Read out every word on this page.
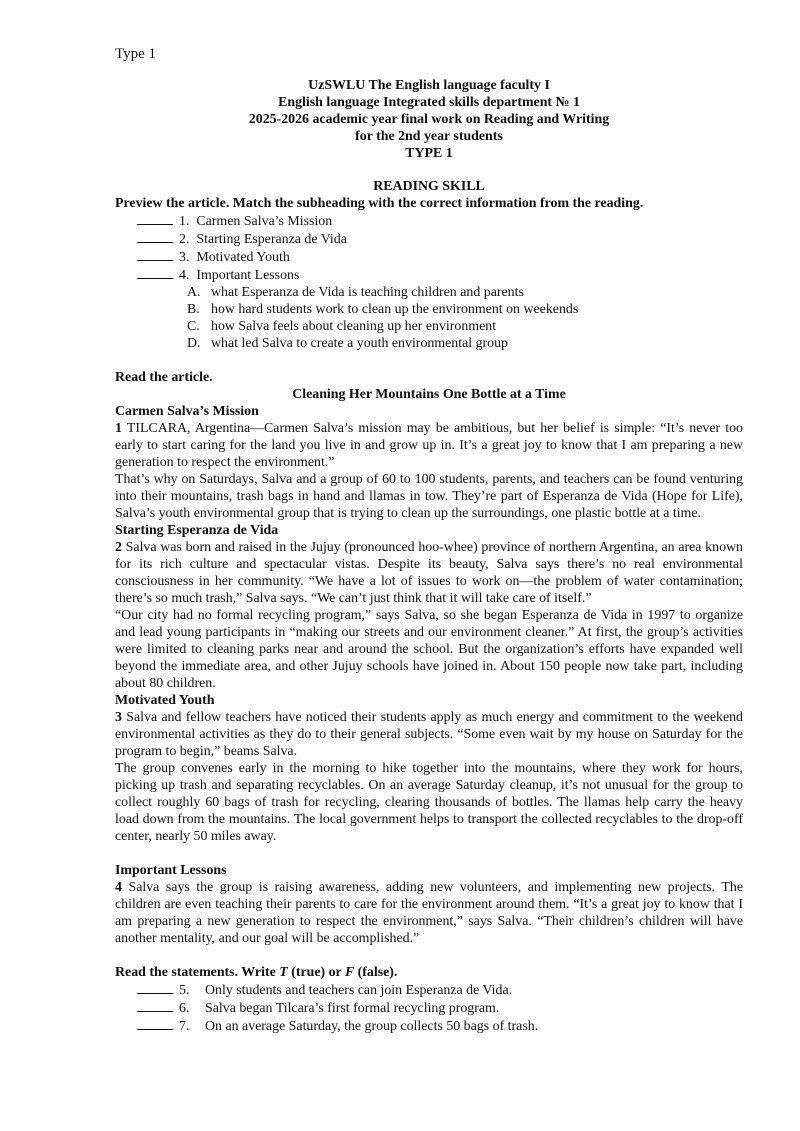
Type 1
UzSWLU The English language faculty I
English language Integrated skills department № 1
2025-2026 academic year final work on Reading and Writing
for the 2nd year students
TYPE 1
READING SKILL
Preview the article. Match the subheading with the correct information from the reading.
1. Carmen Salva’s Mission
2. Starting Esperanza de Vida
3. Motivated Youth
4. Important Lessons
A. what Esperanza de Vida is teaching children and parents
B. how hard students work to clean up the environment on weekends
C. how Salva feels about cleaning up her environment
D. what led Salva to create a youth environmental group
Read the article.
Cleaning Her Mountains One Bottle at a Time
Carmen Salva’s Mission

1 TILCARA, Argentina—Carmen Salva’s mission may be ambitious, but her belief is simple: “It’s never too early to start caring for the land you live in and grow up in. It’s a great joy to know that I am preparing a new generation to respect the environment.”

That’s why on Saturdays, Salva and a group of 60 to 100 students, parents, and teachers can be found venturing into their mountains, trash bags in hand and llamas in tow. They’re part of Esperanza de Vida (Hope for Life), Salva’s youth environmental group that is trying to clean up the surroundings, one plastic bottle at a time.

Starting Esperanza de Vida

2 Salva was born and raised in the Jujuy (pronounced hoo-whee) province of northern Argentina, an area known for its rich culture and spectacular vistas. Despite its beauty, Salva says there’s no real environmental consciousness in her community. “We have a lot of issues to work on—the problem of water contamination; there’s so much trash,” Salva says. “We can’t just think that it will take care of itself.”

“Our city had no formal recycling program,” says Salva, so she began Esperanza de Vida in 1997 to organize and lead young participants in “making our streets and our environment cleaner.” At first, the group’s activities were limited to cleaning parks near and around the school. But the organization’s efforts have expanded well beyond the immediate area, and other Jujuy schools have joined in. About 150 people now take part, including about 80 children.

Motivated Youth

3 Salva and fellow teachers have noticed their students apply as much energy and commitment to the weekend environmental activities as they do to their general subjects. “Some even wait by my house on Saturday for the program to begin,” beams Salva.

The group convenes early in the morning to hike together into the mountains, where they work for hours, picking up trash and separating recyclables. On an average Saturday cleanup, it’s not unusual for the group to collect roughly 60 bags of trash for recycling, clearing thousands of bottles. The llamas help carry the heavy load down from the mountains. The local government helps to transport the collected recyclables to the drop-off center, nearly 50 miles away.

Important Lessons

4 Salva says the group is raising awareness, adding new volunteers, and implementing new projects. The children are even teaching their parents to care for the environment around them. “It’s a great joy to know that I am preparing a new generation to respect the environment,” says Salva. “Their children’s children will have another mentality, and our goal will be accomplished.”

Read the statements. Write T (true) or F (false).
5. Only students and teachers can join Esperanza de Vida.
6. Salva began Tilcara’s first formal recycling program.
7. On an average Saturday, the group collects 50 bags of trash.
